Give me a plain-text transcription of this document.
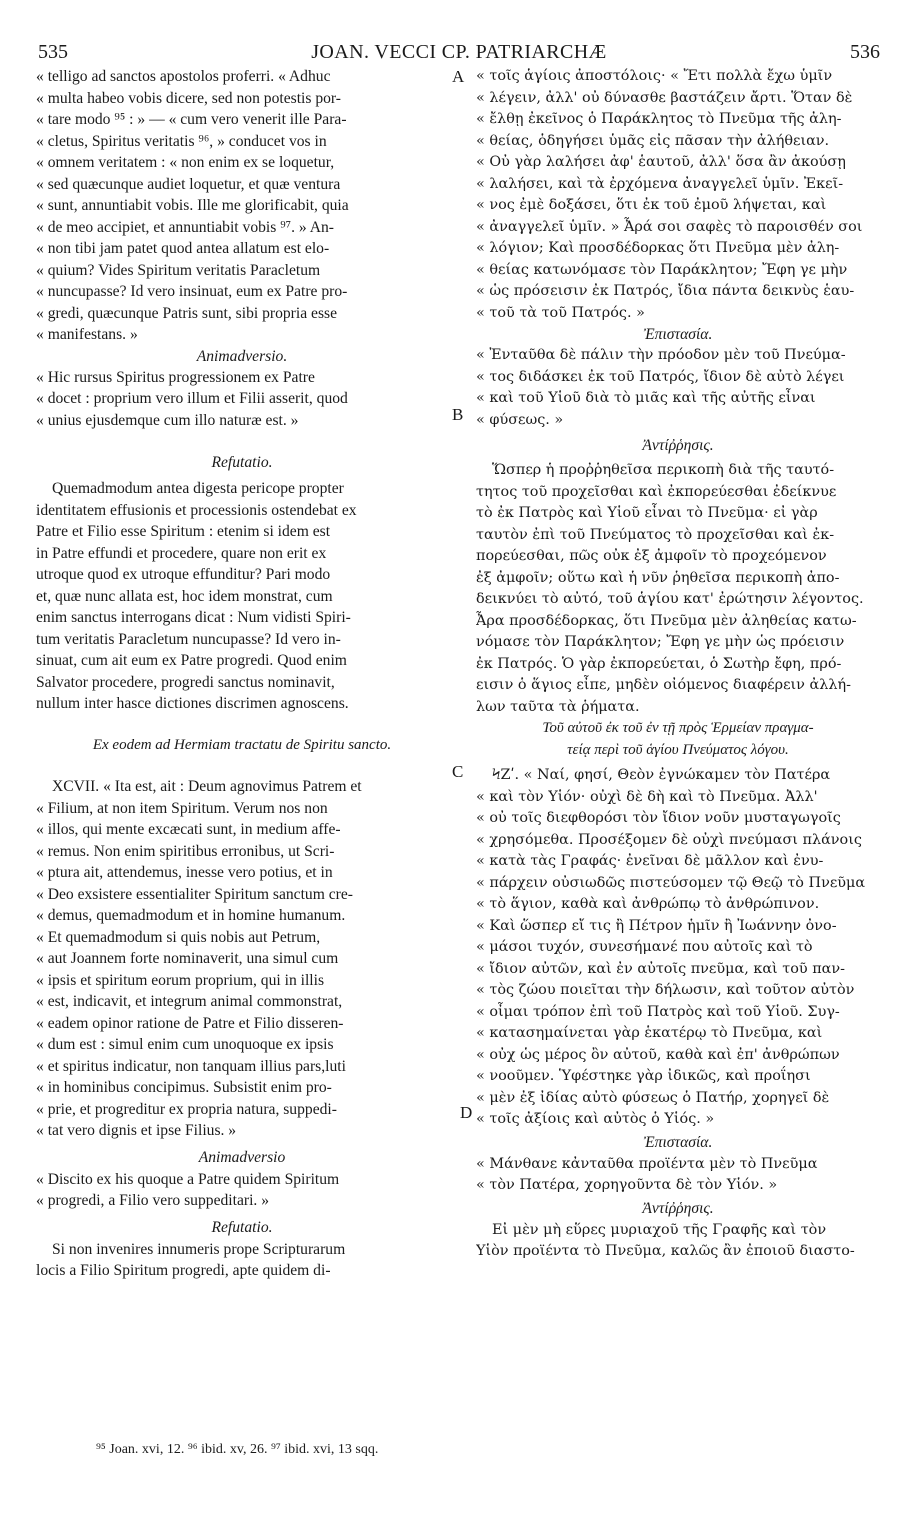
535	JOAN. VECCI CP. PATRIARCHÆ	536
« telligo ad sanctos apostolos proferri. « Adhuc
« multa habeo vobis dicere, sed non potestis por-
« tare modo ⁹⁵ : » — « cum vero venerit ille Para-
« cletus, Spiritus veritatis ⁹⁶, » conducet vos in
« omnem veritatem : « non enim ex se loquetur,
« sed quæcunque audiet loquetur, et quæ ventura
« sunt, annuntiabit vobis. Ille me glorificabit, quia
« de meo accipiet, et annuntiabit vobis ⁹⁷. » An-
« non tibi jam patet quod antea allatum est elo-
« quium? Vides Spiritum veritatis Paracletum
« nuncupasse? Id vero insinuat, eum ex Patre pro-
« gredi, quæcunque Patris sunt, sibi propria esse
« manifestans. »
Animadversio.
« Hic rursus Spiritus progressionem ex Patre
« docet : proprium vero illum et Filii asserit, quod
« unius ejusdemque cum illo naturæ est. »
Refutatio.
Quemadmodum antea digesta pericope propter
identitatem effusionis et processionis ostendebat ex
Patre et Filio esse Spiritum : etenim si idem est
in Patre effundi et procedere, quare non erit ex
utroque quod ex utroque effunditur? Pari modo
et, quæ nunc allata est, hoc idem monstrat, cum
enim sanctus interrogans dicat : Num vidisti Spiri-
tum veritatis Paracletum nuncupasse? Id vero in-
sinuat, cum ait eum ex Patre progredi. Quod enim
Salvator procedere, progredi sanctus nominavit,
nullum inter hasce dictiones discrimen agnoscens.
Ex eodem ad Hermiam tractatu de Spiritu sancto.
XCVII. « Ita est, ait : Deum agnovimus Patrem et
« Filium, at non item Spiritum. Verum nos non
« illos, qui mente excæcati sunt, in medium affe-
« remus. Non enim spiritibus erronibus, ut Scri-
« ptura ait, attendemus, inesse vero potius, et in
« Deo exsistere essentialiter Spiritum sanctum cre-
« demus, quemadmodum et in homine humanum.
« Et quemadmodum si quis nobis aut Petrum,
« aut Joannem forte nominaverit, una simul cum
« ipsis et spiritum eorum proprium, qui in illis
« est, indicavit, et integrum animal commonstrat,
« eadem opinor ratione de Patre et Filio disseren-
« dum est : simul enim cum unoquoque ex ipsis
« et spiritus indicatur, non tanquam illius pars,luti
« in hominibus concipimus. Subsistit enim pro-
« prie, et progreditur ex propria natura, suppedi-
« tat vero dignis et ipse Filius. »
Animadversio
« Discito ex his quoque a Patre quidem Spiritum
« progredi, a Filio vero suppeditari. »
Refutatio.
Si non invenires innumeris prope Scripturarum
locis a Filio Spiritum progredi, apte quidem di-
« τοῖς ἁγίοις ἀποστόλοις· « Ἔτι πολλὰ ἔχω ὑμῖν
« λέγειν, ἀλλ' οὐ δύνασθε βαστάζειν ἄρτι. Ὅταν δὲ
« ἔλθῃ ἐκεῖνος ὁ Παράκλητος τὸ Πνεῦμα τῆς ἀλη-
« θείας, ὁδηγήσει ὑμᾶς εἰς πᾶσαν τὴν ἀλήθειαν.
« Οὐ γὰρ λαλήσει ἀφ' ἑαυτοῦ, ἀλλ' ὅσα ἂν ἀκούσῃ
« λαλήσει, καὶ τὰ ἐρχόμενα ἀναγγελεῖ ὑμῖν. Ἐκεῖ-
« νος ἐμὲ δοξάσει, ὅτι ἐκ τοῦ ἐμοῦ λήψεται, καὶ
« ἀναγγελεῖ ὑμῖν. » Ἆρά σοι σαφὲς τὸ παροισθέν σοι
« λόγιον; Καὶ προσδέδορκας ὅτι Πνεῦμα μὲν ἀλη-
« θείας κατωνόμασε τὸν Παράκλητον; Ἔφη γε μὴν
« ὡς πρόσεισιν ἐκ Πατρός, ἴδια πάντα δεικνὺς ἑαυ-
« τοῦ τὰ τοῦ Πατρός. »
Ἐπιστασία.
« Ἐνταῦθα δὲ πάλιν τὴν πρόοδον μὲν τοῦ Πνεύμα-
« τος διδάσκει ἐκ τοῦ Πατρός, ἴδιον δὲ αὐτὸ λέγει
« καὶ τοῦ Υἱοῦ διὰ τὸ μιᾶς καὶ τῆς αὐτῆς εἶναι
« φύσεως. »
Ἀντίῤῥησις.
Ὥσπερ ἡ προῤῥηθεῖσα περικοπὴ διὰ τῆς ταυτό-
τητος τοῦ προχεῖσθαι καὶ ἐκπορεύεσθαι ἐδείκνυε
τὸ ἐκ Πατρὸς καὶ Υἱοῦ εἶναι τὸ Πνεῦμα· εἰ γὰρ
ταυτὸν ἐπὶ τοῦ Πνεύματος τὸ προχεῖσθαι καὶ ἐκ-
πορεύεσθαι, πῶς οὐκ ἐξ ἀμφοῖν τὸ προχεόμενον
ἐξ ἀμφοῖν; οὕτω καὶ ἡ νῦν ῥηθεῖσα περικοπὴ ἀπο-
δεικνύει τὸ αὐτό, τοῦ ἁγίου κατ' ἐρώτησιν λέγοντος.
Ἆρα προσδέδορκας, ὅτι Πνεῦμα μὲν ἀληθείας κατω-
νόμασε τὸν Παράκλητον; Ἔφη γε μὴν ὡς πρόεισιν
ἐκ Πατρός. Ὁ γὰρ ἐκπορεύεται, ὁ Σωτὴρ ἔφη, πρό-
εισιν ὁ ἅγιος εἶπε, μηδὲν οἰόμενος διαφέρειν ἀλλή-
λων ταῦτα τὰ ῥήματα.
Τοῦ αὐτοῦ ἐκ τοῦ ἐν τῇ πρὸς Ἑρμείαν πραγμα-
τείᾳ περὶ τοῦ ἁγίου Πνεύματος λόγου.
ϞΖʹ. « Ναί, φησί, Θεὸν ἐγνώκαμεν τὸν Πατέρα
« καὶ τὸν Υἱόν· οὐχὶ δὲ δὴ καὶ τὸ Πνεῦμα. Ἀλλ'
« οὐ τοῖς διεφθορόσι τὸν ἴδιον νοῦν μυσταγωγοῖς
« χρησόμεθα. Προσέξομεν δὲ οὐχὶ πνεύμασι πλάνοις
« κατὰ τὰς Γραφάς· ἐνεῖναι δὲ μᾶλλον καὶ ἐνυ-
« πάρχειν οὐσιωδῶς πιστεύσομεν τῷ Θεῷ τὸ Πνεῦμα
« τὸ ἅγιον, καθὰ καὶ ἀνθρώπῳ τὸ ἀνθρώπινον.
« Καὶ ὥσπερ εἴ τις ἢ Πέτρον ἡμῖν ἢ Ἰωάννην ὀνο-
« μάσοι τυχόν, συνεσήμανέ που αὐτοῖς καὶ τὸ
« ἴδιον αὐτῶν, καὶ ἐν αὐτοῖς πνεῦμα, καὶ τοῦ παν-
« τὸς ζώου ποιεῖται τὴν δήλωσιν, καὶ τοῦτον αὐτὸν
« οἶμαι τρόπον ἐπὶ τοῦ Πατρὸς καὶ τοῦ Υἱοῦ. Συγ-
« κατασημαίνεται γὰρ ἑκατέρῳ τὸ Πνεῦμα, καὶ
« οὐχ ὡς μέρος ὂν αὐτοῦ, καθὰ καὶ ἐπ' ἀνθρώπων
« νοοῦμεν. Ὑφέστηκε γὰρ ἰδικῶς, καὶ προΐησι
« μὲν ἐξ ἰδίας αὐτὸ φύσεως ὁ Πατήρ, χορηγεῖ δὲ
« τοῖς ἀξίοις καὶ αὐτὸς ὁ Υἱός. »
Ἐπιστασία.
« Μάνθανε κἀνταῦθα προϊέντα μὲν τὸ Πνεῦμα
« τὸν Πατέρα, χορηγοῦντα δὲ τὸν Υἱόν. »
Ἀντίῤῥησις.
Εἰ μὲν μὴ εὕρες μυριαχοῦ τῆς Γραφῆς καὶ τὸν
Υἱὸν προϊέντα τὸ Πνεῦμα, καλῶς ἂν ἐποιοῦ διαστο-
A
B
C
D
⁹⁵ Joan. xvi, 12. ⁹⁶ ibid. xv, 26. ⁹⁷ ibid. xvi, 13 sqq.
